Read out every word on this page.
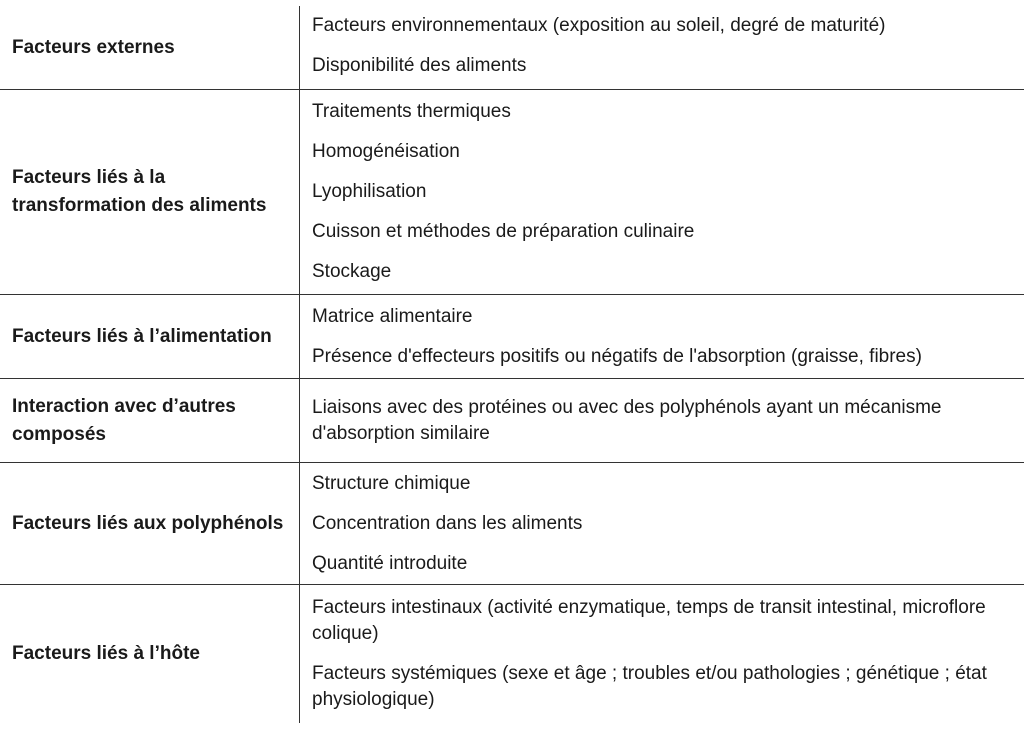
Facteurs externes
Facteurs environnementaux (exposition au soleil, degré de maturité)
Disponibilité des aliments
Facteurs liés à la transformation des aliments
Traitements thermiques
Homogénéisation
Lyophilisation
Cuisson et méthodes de préparation culinaire
Stockage
Facteurs liés à l’alimentation
Matrice alimentaire
Présence d'effecteurs positifs ou négatifs de l'absorption (graisse, fibres)
Interaction avec d’autres composés
Liaisons avec des protéines ou avec des polyphénols ayant un mécanisme d'absorption similaire
Facteurs liés aux polyphénols
Structure chimique
Concentration dans les aliments
Quantité introduite
Facteurs liés à l’hôte
Facteurs intestinaux (activité enzymatique, temps de transit intestinal, microflore colique)
Facteurs systémiques (sexe et âge ; troubles et/ou pathologies ; génétique ; état physiologique)
